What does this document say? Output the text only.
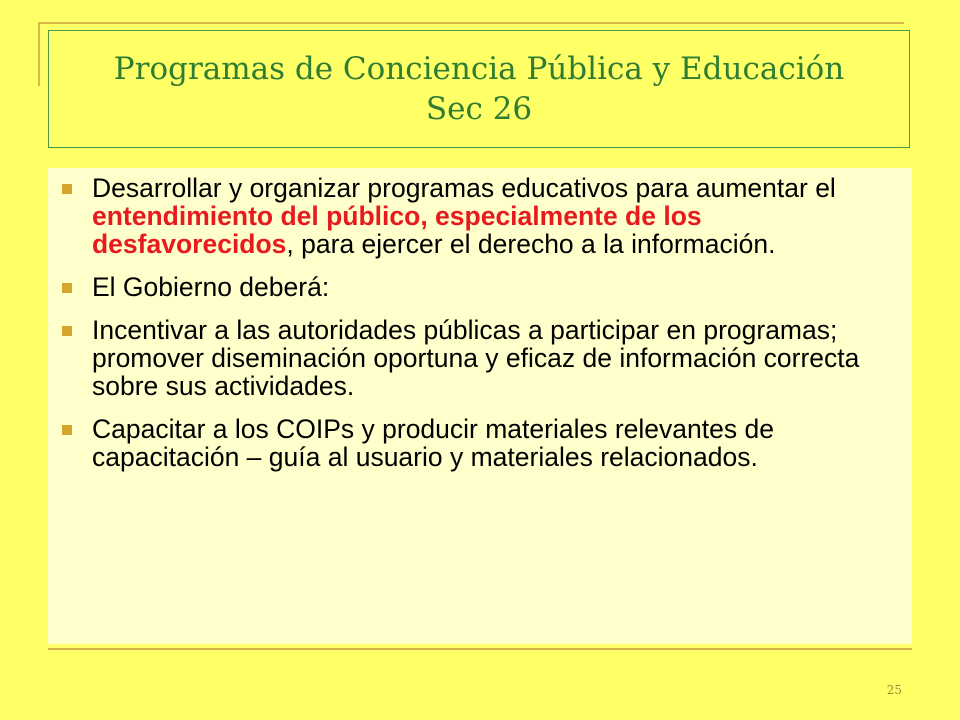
Programas de Conciencia Pública y Educación
Sec 26
Desarrollar y organizar programas educativos para aumentar el entendimiento del público, especialmente de los desfavorecidos, para ejercer el derecho a la información.
El Gobierno deberá:
Incentivar a las autoridades públicas a participar en programas; promover diseminación oportuna y eficaz de información correcta sobre sus actividades.
Capacitar a los COIPs y producir materiales relevantes de capacitación – guía al usuario y materiales relacionados.
25
